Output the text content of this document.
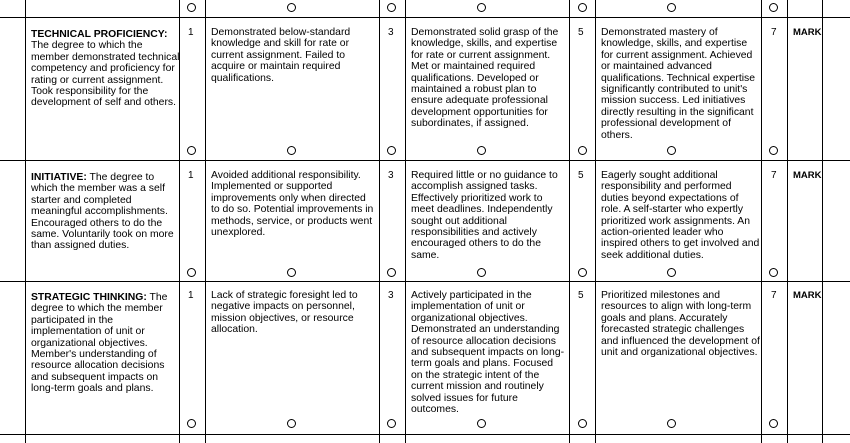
TECHNICAL PROFICIENCY: The degree to which the member demonstrated technical competency and proficiency for rating or current assignment. Took responsibility for the development of self and others.
1 Demonstrated below-standard knowledge and skill for rate or current assignment. Failed to acquire or maintain required qualifications.
3 Demonstrated solid grasp of the knowledge, skills, and expertise for rate or current assignment. Met or maintained required qualifications. Developed or maintained a robust plan to ensure adequate professional development opportunities for subordinates, if assigned.
5 Demonstrated mastery of knowledge, skills, and expertise for current assignment. Achieved or maintained advanced qualifications. Technical expertise significantly contributed to unit's mission success. Led initiatives directly resulting in the significant professional development of others.
7 MARK
INITIATIVE: The degree to which the member was a self starter and completed meaningful accomplishments. Encouraged others to do the same. Voluntarily took on more than assigned duties.
1 Avoided additional responsibility. Implemented or supported improvements only when directed to do so. Potential improvements in methods, service, or products went unexplored.
3 Required little or no guidance to accomplish assigned tasks. Effectively prioritized work to meet deadlines. Independently sought out additional responsibilities and actively encouraged others to do the same.
5 Eagerly sought additional responsibility and performed duties beyond expectations of role. A self-starter who expertly prioritized work assignments. An action-oriented leader who inspired others to get involved and seek additional duties.
7 MARK
STRATEGIC THINKING: The degree to which the member participated in the implementation of unit or organizational objectives. Member's understanding of resource allocation decisions and subsequent impacts on long-term goals and plans.
1 Lack of strategic foresight led to negative impacts on personnel, mission objectives, or resource allocation.
3 Actively participated in the implementation of unit or organizational objectives. Demonstrated an understanding of resource allocation decisions and subsequent impacts on long-term goals and plans. Focused on the strategic intent of the current mission and routinely solved issues for future outcomes.
5 Prioritized milestones and resources to align with long-term goals and plans. Accurately forecasted strategic challenges and influenced the development of unit and organizational objectives.
7 MARK
